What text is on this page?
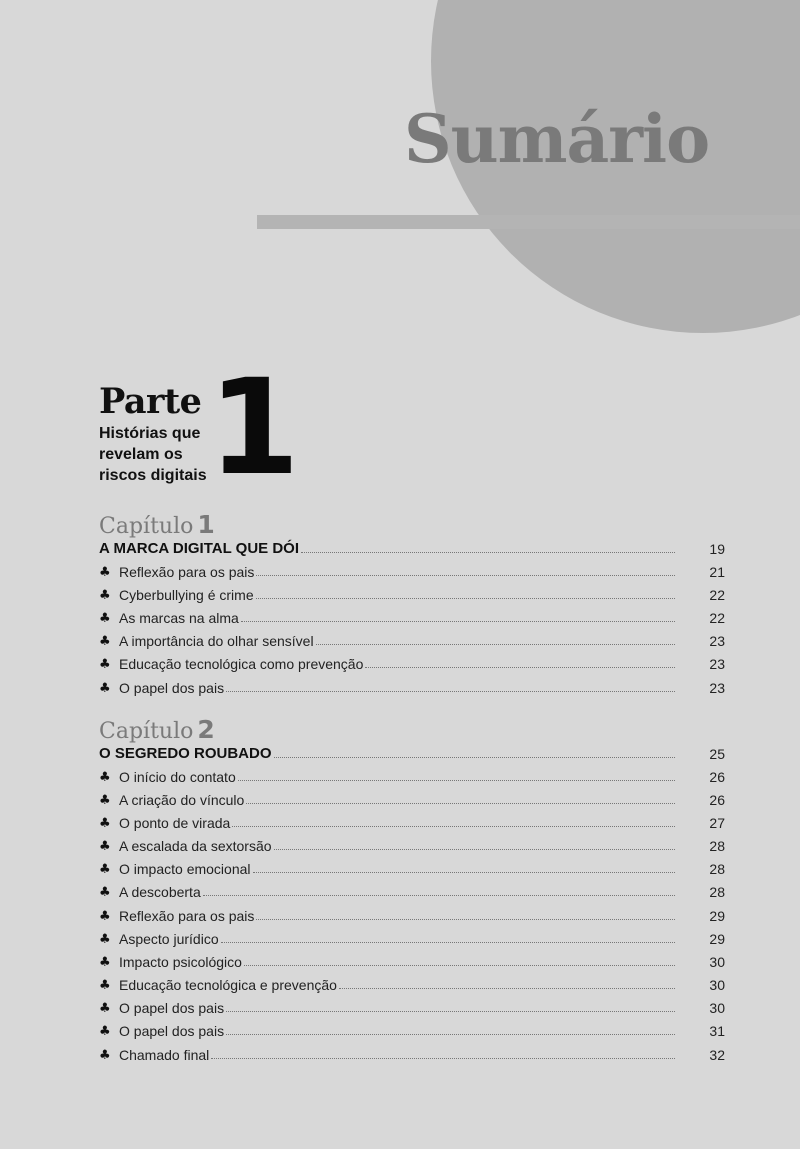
Sumário
Parte 1
Histórias que revelam os riscos digitais
Capítulo 1
A MARCA DIGITAL QUE DÓI	19
♣ Reflexão para os pais	21
♣ Cyberbullying é crime	22
♣ As marcas na alma	22
♣ A importância do olhar sensível	23
♣ Educação tecnológica como prevenção	23
♣ O papel dos pais	23
Capítulo 2
O SEGREDO ROUBADO	25
♣ O início do contato	26
♣ A criação do vínculo	26
♣ O ponto de virada	27
♣ A escalada da sextorsão	28
♣ O impacto emocional	28
♣ A descoberta	28
♣ Reflexão para os pais	29
♣ Aspecto jurídico	29
♣ Impacto psicológico	30
♣ Educação tecnológica e prevenção	30
♣ O papel dos pais	30
♣ O papel dos pais	31
♣ Chamado final	32
